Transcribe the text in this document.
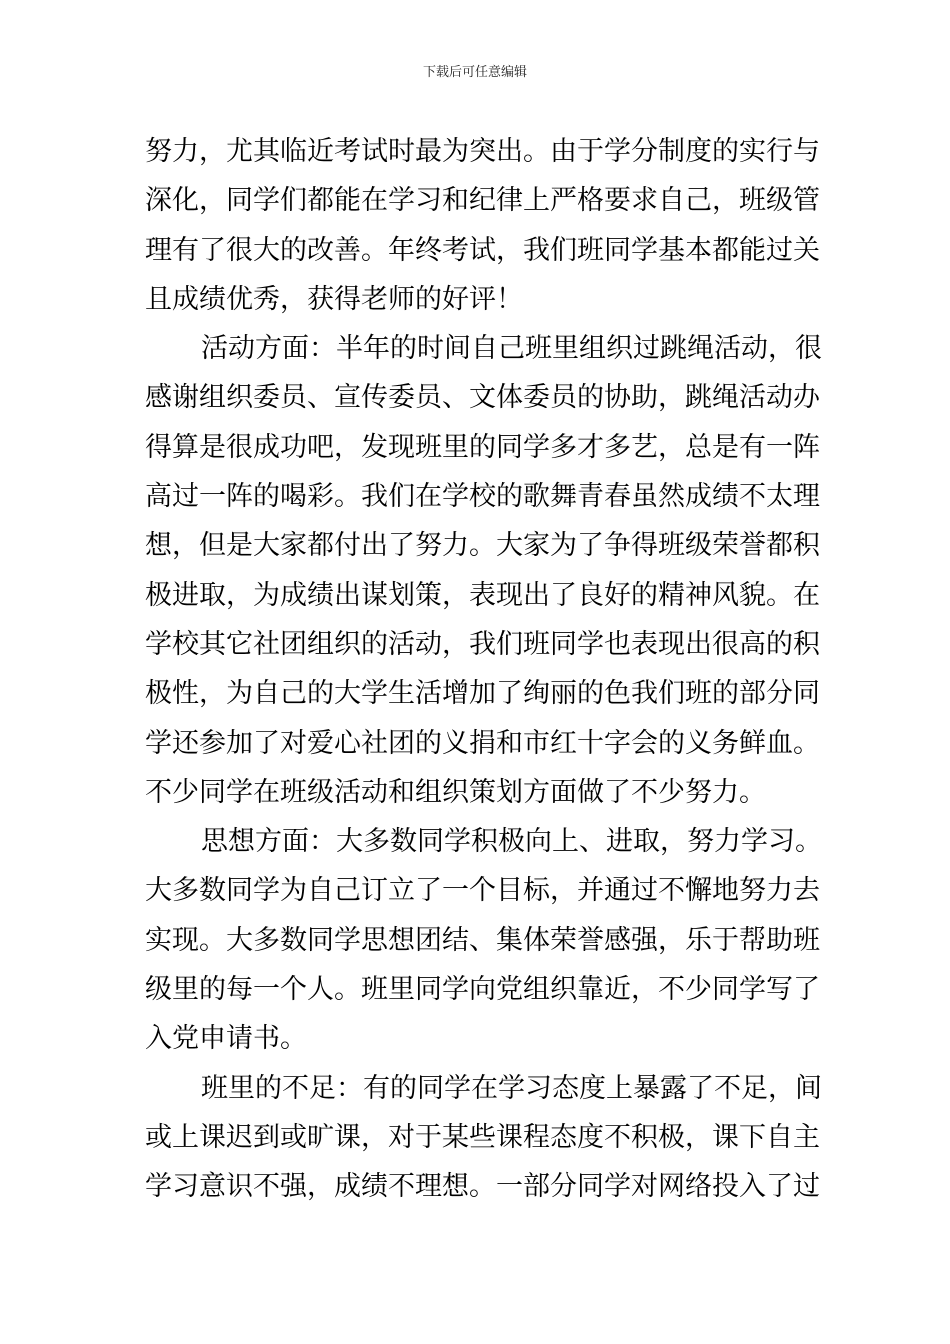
下载后可任意编辑
努力，尤其临近考试时最为突出。由于学分制度的实行与
深化，同学们都能在学习和纪律上严格要求自己，班级管
理有了很大的改善。年终考试，我们班同学基本都能过关
且成绩优秀，获得老师的好评！
活动方面：半年的时间自己班里组织过跳绳活动，很
感谢组织委员、宣传委员、文体委员的协助，跳绳活动办
得算是很成功吧，发现班里的同学多才多艺，总是有一阵
高过一阵的喝彩。我们在学校的歌舞青春虽然成绩不太理
想，但是大家都付出了努力。大家为了争得班级荣誉都积
极进取，为成绩出谋划策，表现出了良好的精神风貌。在
学校其它社团组织的活动，我们班同学也表现出很高的积
极性，为自己的大学生活增加了绚丽的色我们班的部分同
学还参加了对爱心社团的义捐和市红十字会的义务鲜血。
不少同学在班级活动和组织策划方面做了不少努力。
思想方面：大多数同学积极向上、进取，努力学习。
大多数同学为自己订立了一个目标，并通过不懈地努力去
实现。大多数同学思想团结、集体荣誉感强，乐于帮助班
级里的每一个人。班里同学向党组织靠近，不少同学写了
入党申请书。
班里的不足：有的同学在学习态度上暴露了不足，间
或上课迟到或旷课，对于某些课程态度不积极，课下自主
学习意识不强，成绩不理想。一部分同学对网络投入了过
